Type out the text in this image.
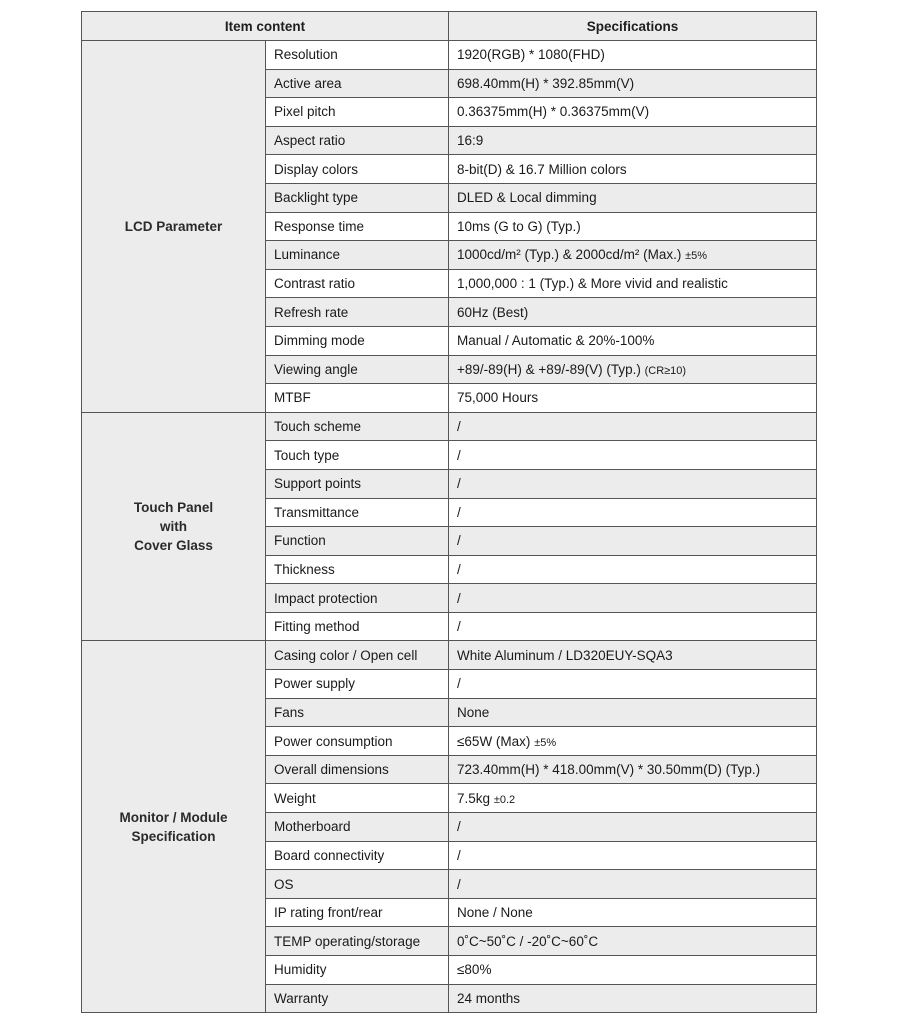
Item content		Specifications

LCD Parameter	Resolution	1920(RGB) * 1080(FHD)
	Active area	698.40mm(H) * 392.85mm(V)
	Pixel pitch	0.36375mm(H) * 0.36375mm(V)
	Aspect ratio	16:9
	Display colors	8-bit(D) & 16.7 Million colors
	Backlight type	DLED & Local dimming
	Response time	10ms (G to G) (Typ.)
	Luminance	1000cd/m² (Typ.) & 2000cd/m² (Max.) ±5%
	Contrast ratio	1,000,000 : 1 (Typ.) & More vivid and realistic
	Refresh rate	60Hz (Best)
	Dimming mode	Manual / Automatic & 20%-100%
	Viewing angle	+89/-89(H) & +89/-89(V) (Typ.) (CR≥10)
	MTBF	75,000 Hours

Touch Panel
with
Cover Glass	Touch scheme	/
	Touch type	/
	Support points	/
	Transmittance	/
	Function	/
	Thickness	/
	Impact protection	/
	Fitting method	/

Monitor / Module
Specification	Casing color / Open cell	White Aluminum / LD320EUY-SQA3
	Power supply	/
	Fans	None
	Power consumption	≤65W (Max) ±5%
	Overall dimensions	723.40mm(H) * 418.00mm(V) * 30.50mm(D) (Typ.)
	Weight	7.5kg ±0.2
	Motherboard	/
	Board connectivity	/
	OS	/
	IP rating front/rear	None / None
	TEMP operating/storage	0˚C~50˚C / -20˚C~60˚C
	Humidity	≤80%
	Warranty	24 months
